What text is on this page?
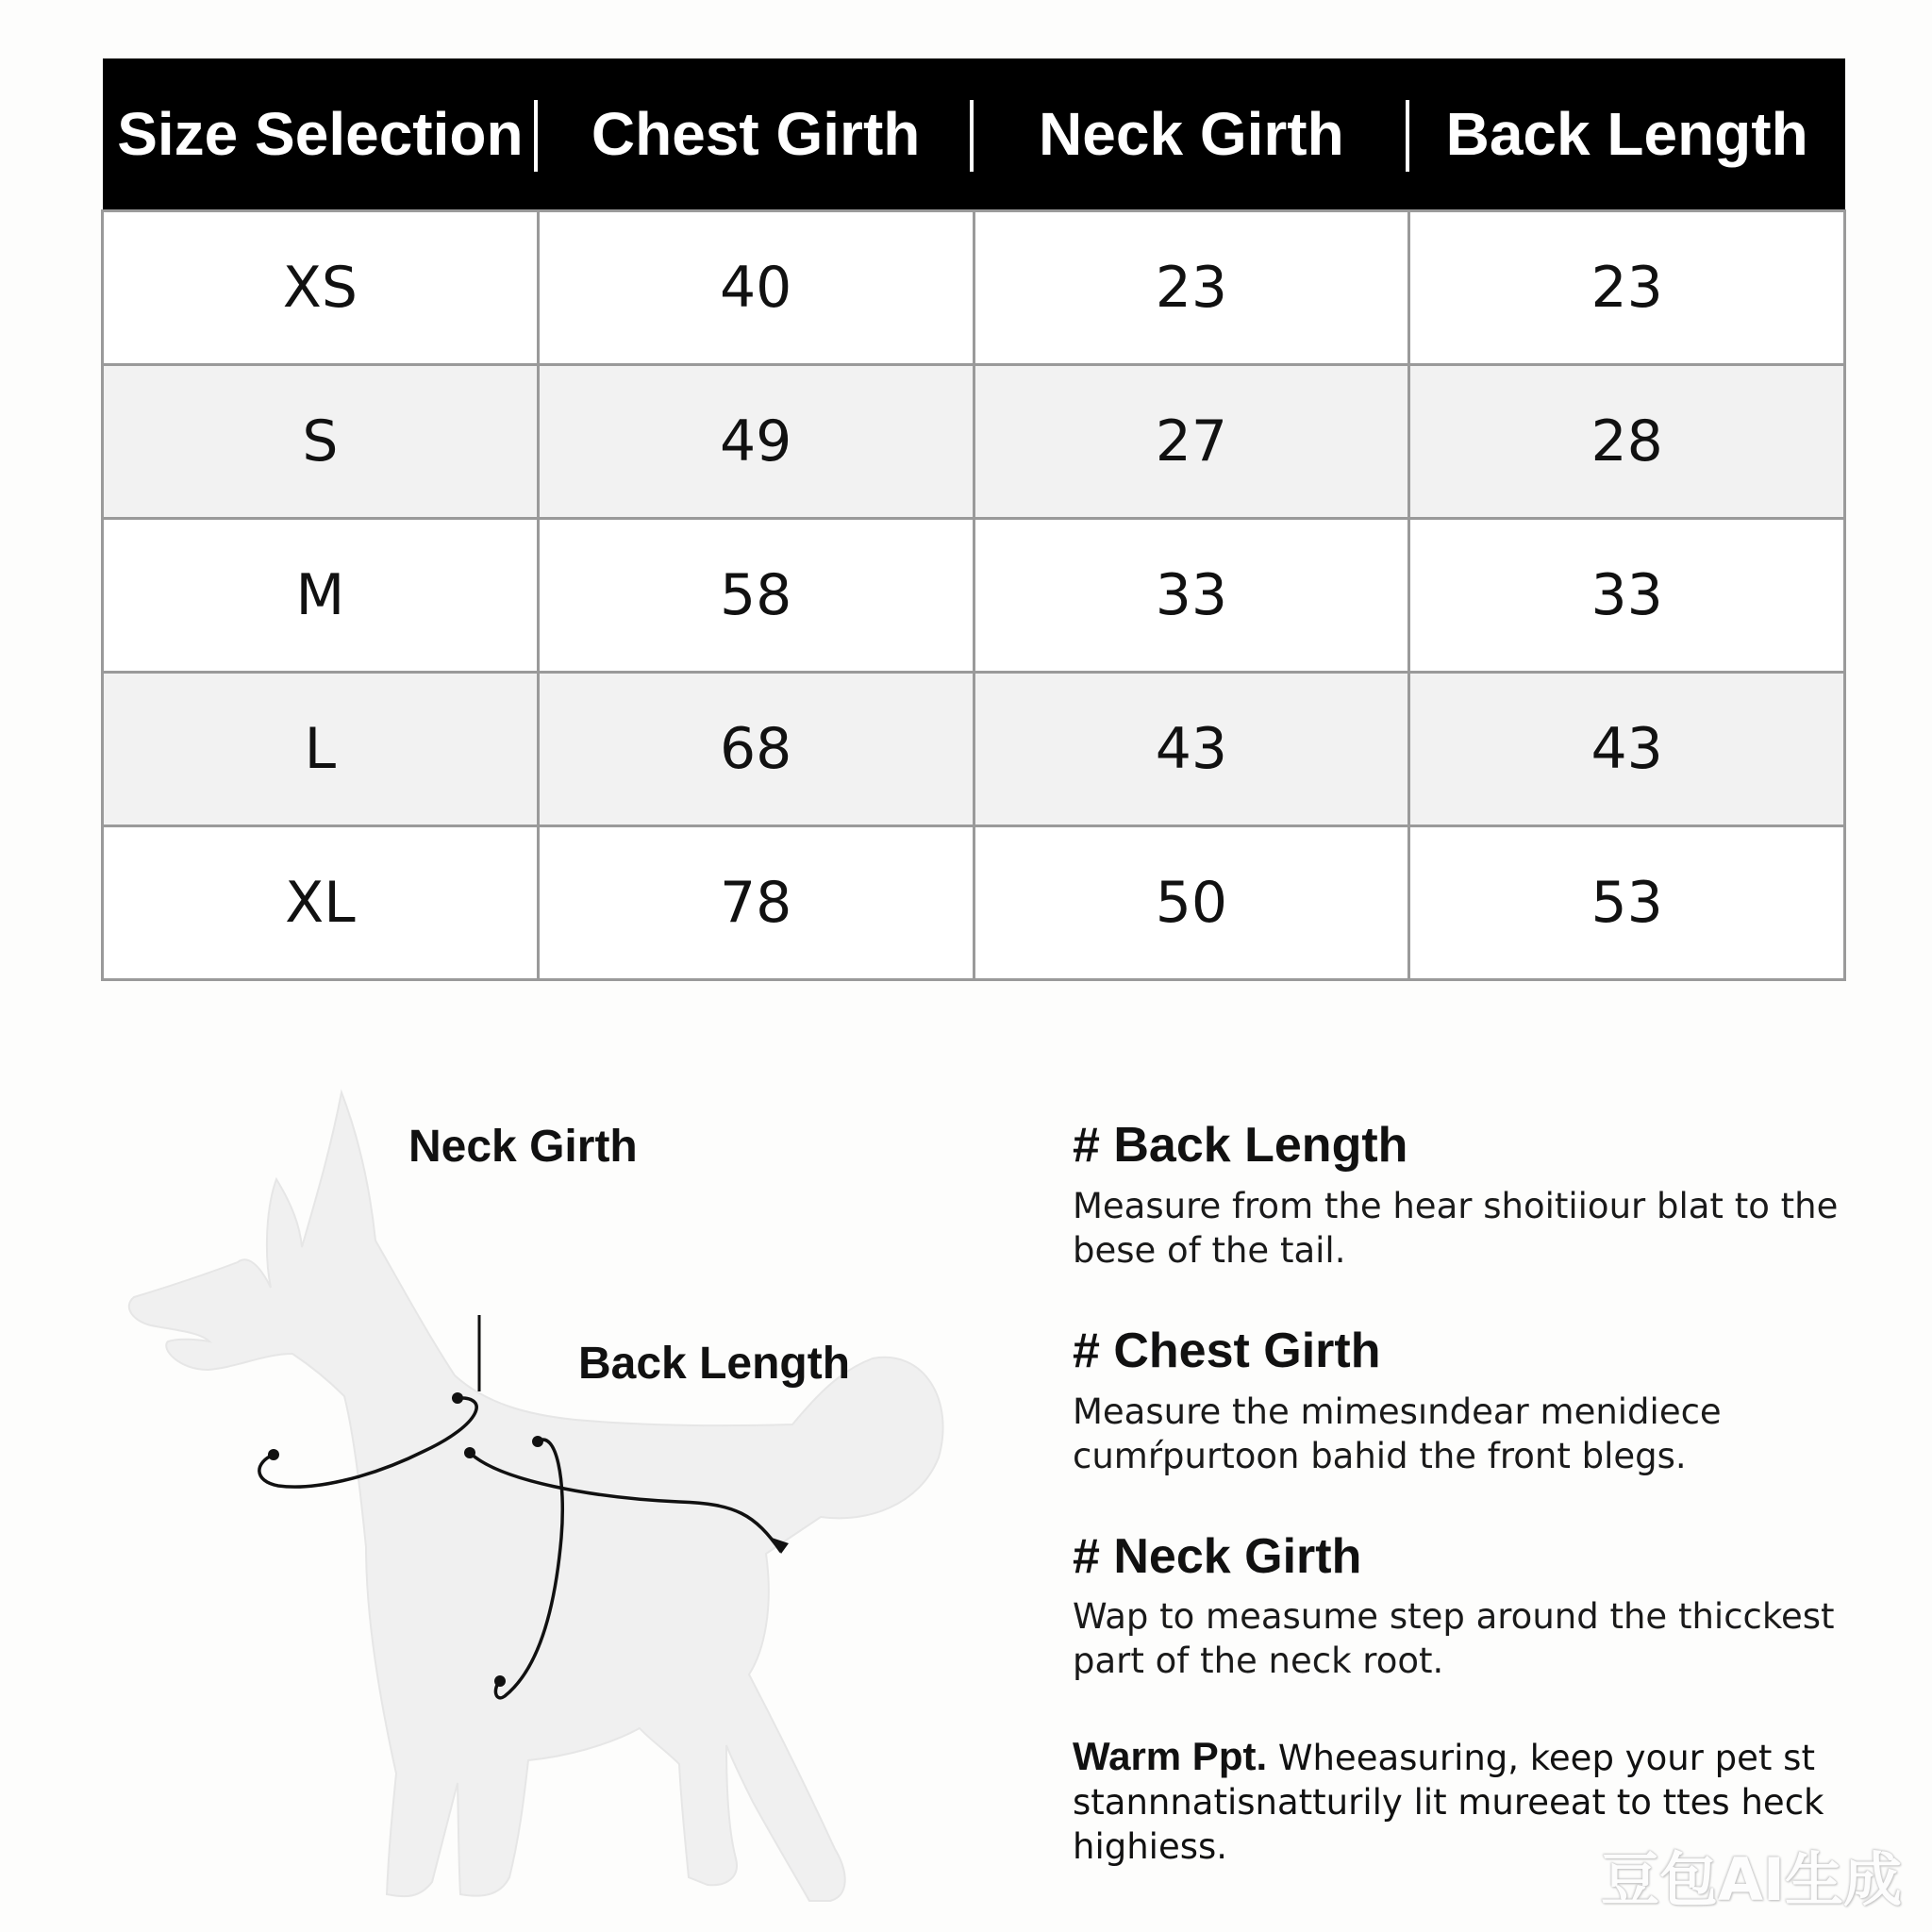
Size Selection	Chest Girth	Neck Girth	Back Length
XS	40	23	23
S	49	27	28
M	58	33	33
L	68	43	43
XL	78	50	53
Neck Girth
Back Length
# Back Length

Measure from the hear shoitiiour blat to the bese of the tail.

# Chest Girth

Measure the mimesındear menidiece cumŕpurtoon bahid the front blegs.

# Neck Girth

Wap to measume step around the thicckest part of the neck root.

Warm Ppt. Wheeasuring, keep your pet st stannnatisnatturily lit mureeat to ttes heck highiess.	豆包AI生成
